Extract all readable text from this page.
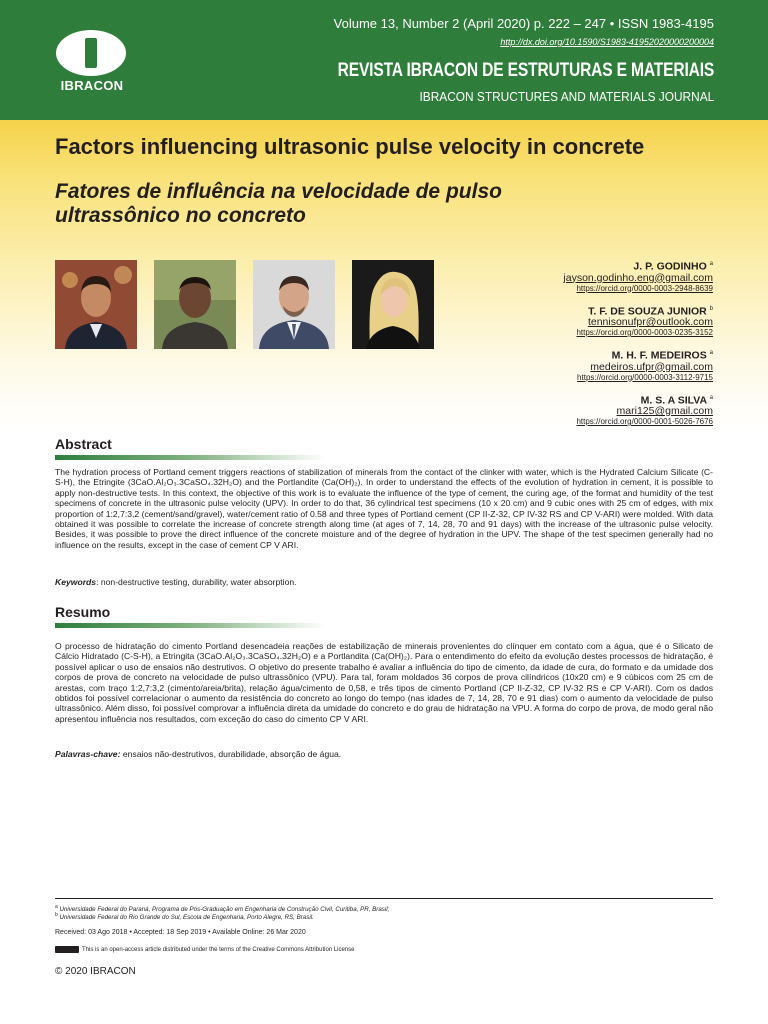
IBRACON
Volume 13, Number 2 (April 2020) p. 222 – 247 • ISSN 1983-4195
http://dx.doi.org/10.1590/S1983-41952020000200004
REVISTA IBRACON DE ESTRUTURAS E MATERIAIS
IBRACON STRUCTURES AND MATERIALS JOURNAL
Factors influencing ultrasonic pulse velocity in concrete
Fatores de influência na velocidade de pulso ultrassônico no concreto
J. P. GODINHO $^a$
jayson.godinho.eng@gmail.com
https://orcid.org/0000-0003-2948-8639
T. F. DE SOUZA JUNIOR $^b$
tennisonufpr@outlook.com
https://orcid.org/0000-0003-0235-3152
M. H. F. MEDEIROS $^a$
medeiros.ufpr@gmail.com
https://orcid.org/0000-0003-3112-9715
M. S. A SILVA $^a$
mari125@gmail.com
https://orcid.org/0000-0001-5026-7676
Abstract
The hydration process of Portland cement triggers reactions of stabilization of minerals from the contact of the clinker with water, which is the Hydrated Calcium Silicate (C-S-H), the Etringite (3CaO.Al₂O₃.3CaSO₄.32H₂O) and the Portlandite (Ca(OH)₂). In order to understand the effects of the evolution of hydration in cement, it is possible to apply non-destructive tests. In this context, the objective of this work is to evaluate the influence of the type of cement, the curing age, of the format and humidity of the test specimens of concrete in the ultrasonic pulse velocity (UPV). In order to do that, 36 cylindrical test specimens (10 x 20 cm) and 9 cubic ones with 25 cm of edges, with mix proportion of 1:2,7:3,2 (cement/sand/gravel), water/cement ratio of 0.58 and three types of Portland cement (CP II-Z-32, CP IV-32 RS and CP V-ARI) were molded. With data obtained it was possible to correlate the increase of concrete strength along time (at ages of 7, 14, 28, 70 and 91 days) with the increase of the ultrasonic pulse velocity. Besides, it was possible to prove the direct influence of the concrete moisture and of the degree of hydration in the UPV. The shape of the test specimen generally had no influence on the results, except in the case of cement CP V ARI.
Keywords: non-destructive testing, durability, water absorption.
Resumo
O processo de hidratação do cimento Portland desencadeia reações de estabilização de minerais provenientes do clínquer em contato com a água, que é o Silicato de Cálcio Hidratado (C-S-H), a Etringita (3CaO.Al₂O₃.3CaSO₄.32H₂O) e a Portlandita (Ca(OH)₂). Para o entendimento do efeito da evolução destes processos de hidratação, é possível aplicar o uso de ensaios não destrutivos. O objetivo do presente trabalho é avaliar a influência do tipo de cimento, da idade de cura, do formato e da umidade dos corpos de prova de concreto na velocidade de pulso ultrassônico (VPU). Para tal, foram moldados 36 corpos de prova cilíndricos (10x20 cm) e 9 cúbicos com 25 cm de arestas, com traço 1:2,7:3,2 (cimento/areia/brita), relação água/cimento de 0,58, e três tipos de cimento Portland (CP II-Z-32, CP IV-32 RS e CP V-ARI). Com os dados obtidos foi possível correlacionar o aumento da resistência do concreto ao longo do tempo (nas idades de 7, 14, 28, 70 e 91 dias) com o aumento da velocidade de pulso ultrassônico. Além disso, foi possível comprovar a influência direta da umidade do concreto e do grau de hidratação na VPU. A forma do corpo de prova, de modo geral não apresentou influência nos resultados, com exceção do caso do cimento CP V ARI.
Palavras-chave: ensaios não-destrutivos, durabilidade, absorção de água.
$^a$ Universidade Federal do Paraná, Programa de Pós-Graduação em Engenharia de Construção Civil, Curitiba, PR, Brasil;
$^b$ Universidade Federal do Rio Grande do Sul, Escola de Engenharia, Porto Alegre, RS, Brasil.
Received: 03 Ago 2018 • Accepted: 18 Sep 2019 • Available Online: 26 Mar 2020
This is an open-access article distributed under the terms of the Creative Commons Attribution License
© 2020 IBRACON
